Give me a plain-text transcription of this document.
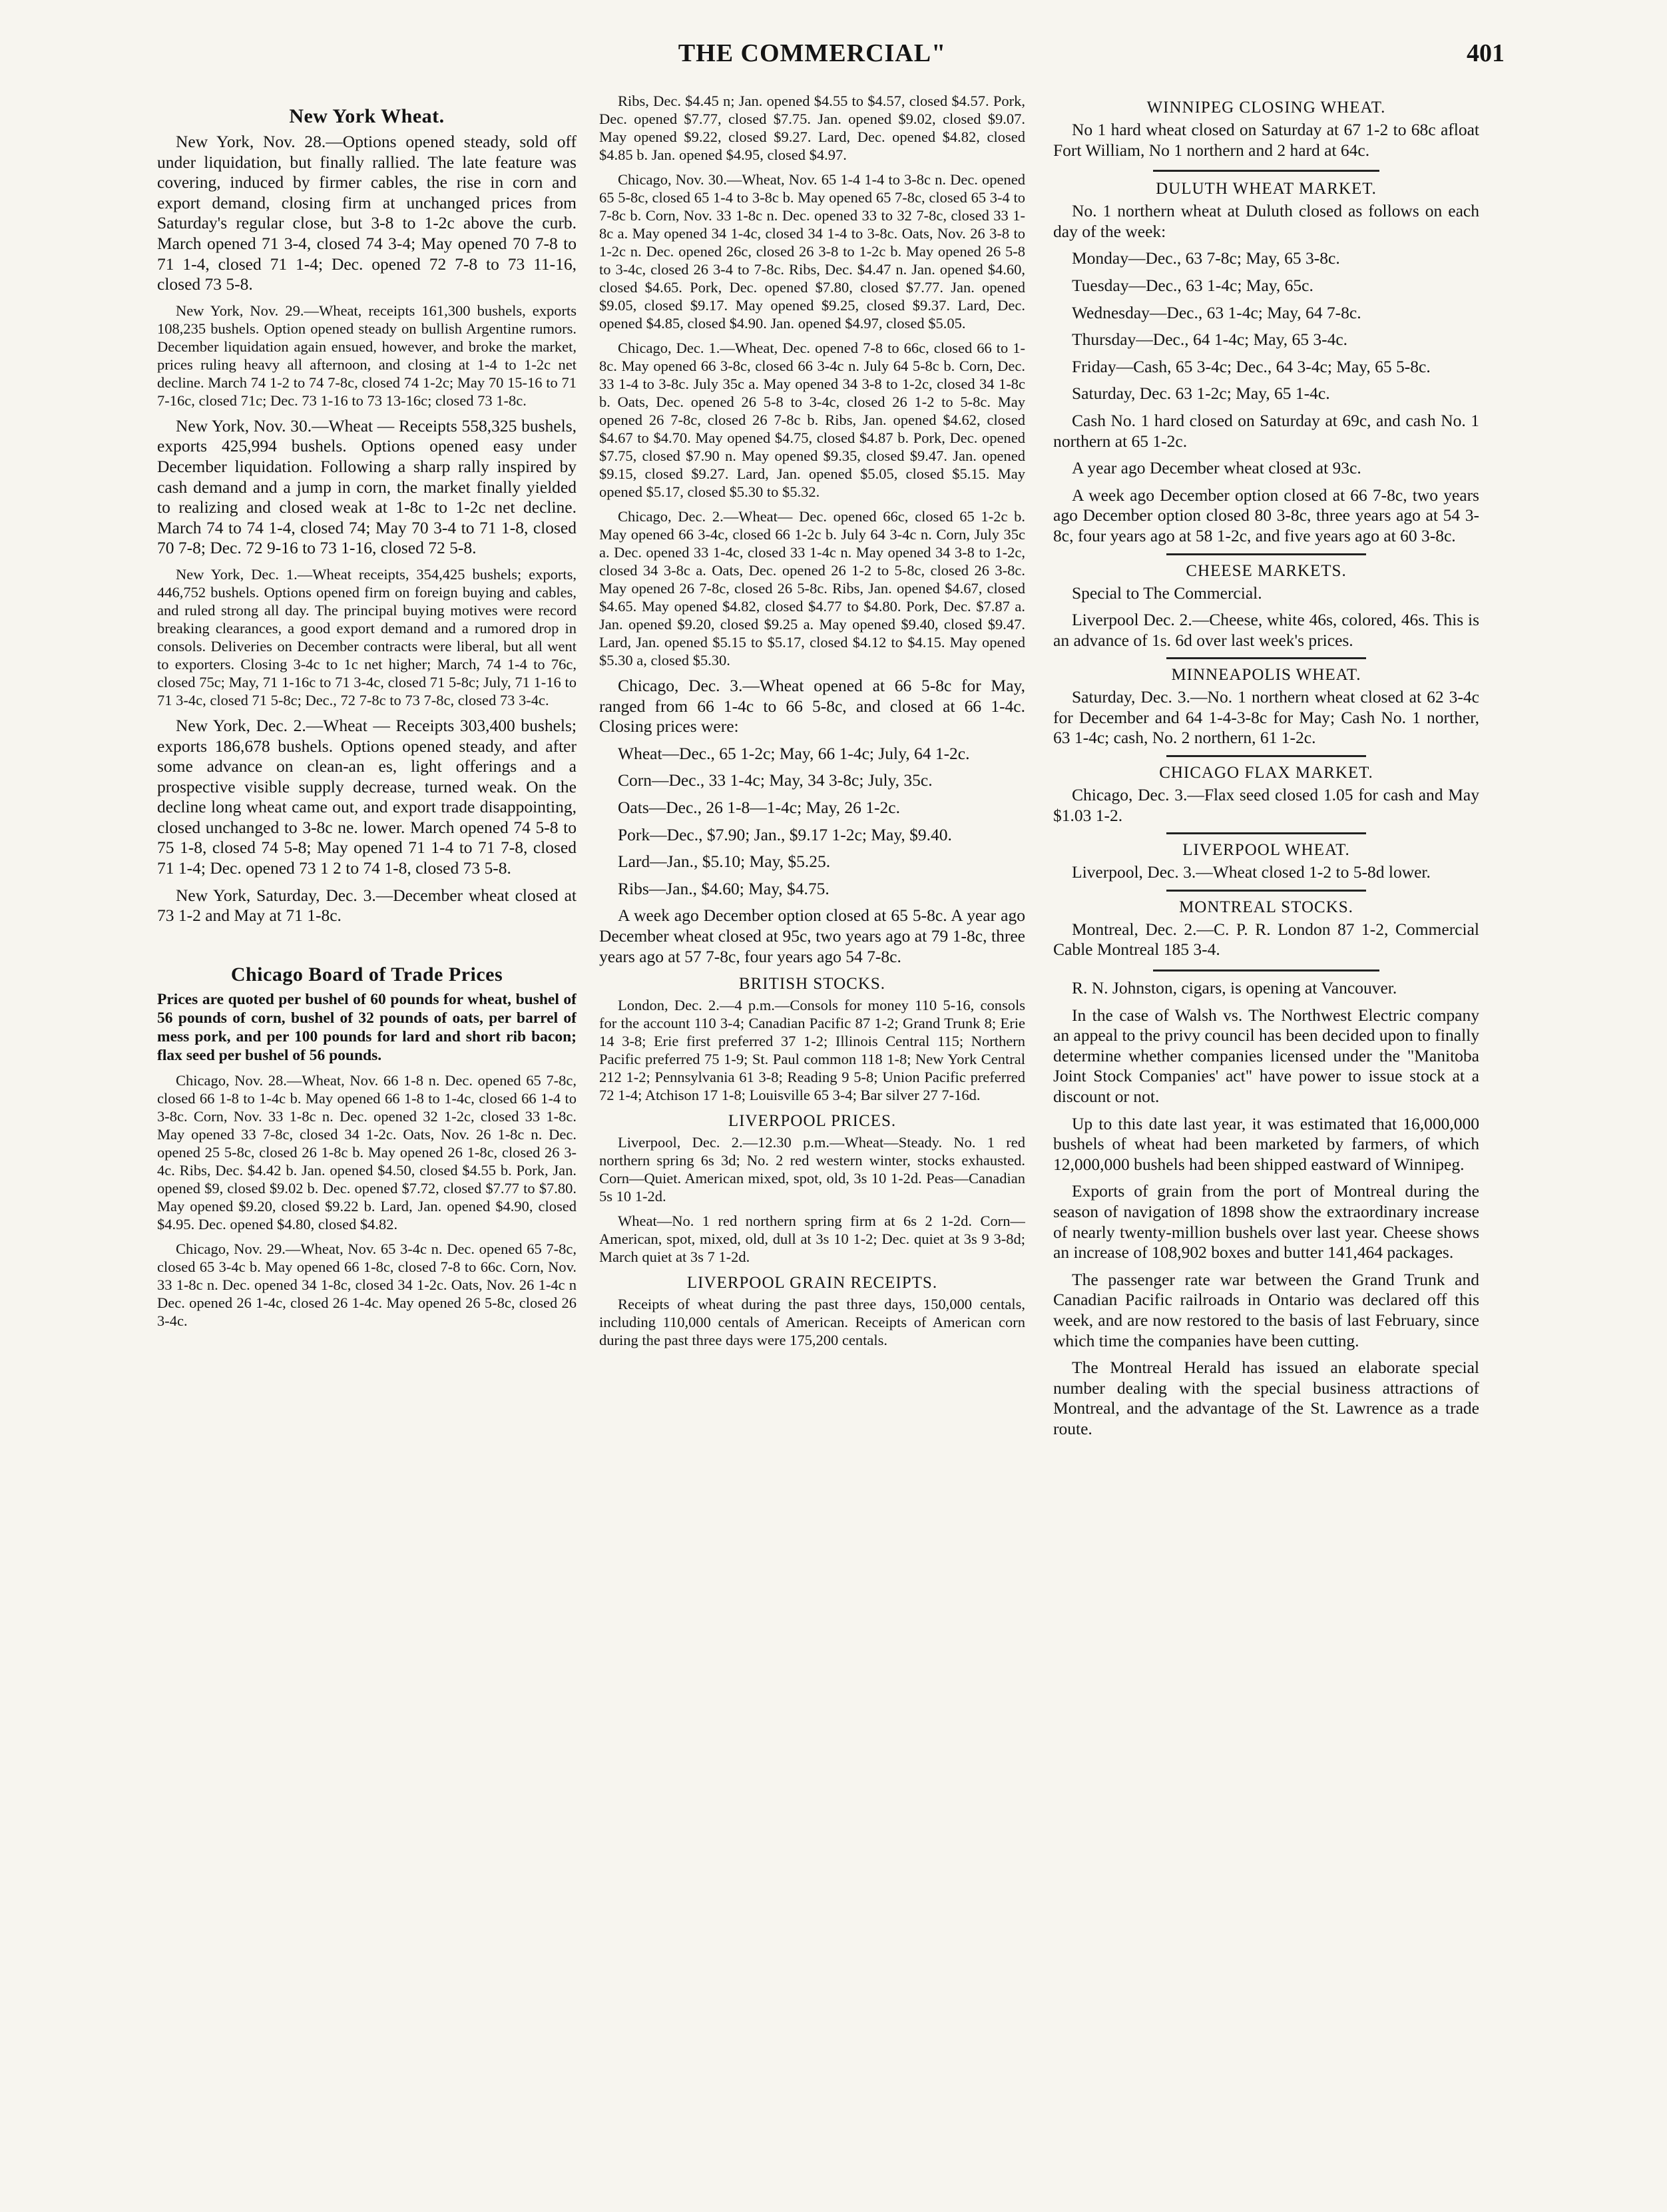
THE COMMERCIAL"	401
New York Wheat.

New York, Nov. 28.—Options opened steady, sold off under liquidation, but finally rallied. The late feature was covering, induced by firmer cables, the rise in corn and export demand, closing firm at unchanged prices from Saturday's regular close, but 3-8 to 1-2c above the curb. March opened 71 3-4, closed 74 3-4; May opened 70 7-8 to 71 1-4, closed 71 1-4; Dec. opened 72 7-8 to 73 11-16, closed 73 5-8.

New York, Nov. 29.—Wheat, receipts 161,300 bushels, exports 108,235 bushels. Option opened steady on bullish Argentine rumors. December liquidation again ensued, however, and broke the market, prices ruling heavy all afternoon, and closing at 1-4 to 1-2c net decline. March 74 1-2 to 74 7-8c, closed 74 1-2c; May 70 15-16 to 71 7-16c, closed 71c; Dec. 73 1-16 to 73 13-16c; closed 73 1-8c.

New York, Nov. 30.—Wheat — Receipts 558,325 bushels, exports 425,994 bushels. Options opened easy under December liquidation. Following a sharp rally inspired by cash demand and a jump in corn, the market finally yielded to realizing and closed weak at 1-8c to 1-2c net decline. March 74 to 74 1-4, closed 74; May 70 3-4 to 71 1-8, closed 70 7-8; Dec. 72 9-16 to 73 1-16, closed 72 5-8.

New York, Dec. 1.—Wheat receipts, 354,425 bushels; exports, 446,752 bushels. Options opened firm on foreign buying and cables, and ruled strong all day. The principal buying motives were record breaking clearances, a good export demand and a rumored drop in consols. Deliveries on December contracts were liberal, but all went to exporters. Closing 3-4c to 1c net higher; March, 74 1-4 to 76c, closed 75c; May, 71 1-16c to 71 3-4c, closed 71 5-8c; July, 71 1-16 to 71 3-4c, closed 71 5-8c; Dec., 72 7-8c to 73 7-8c, closed 73 3-4c.

New York, Dec. 2.—Wheat — Receipts 303,400 bushels; exports 186,678 bushels. Options opened steady, and after some advance on clean-an es, light offerings and a prospective visible supply decrease, turned weak. On the decline long wheat came out, and export trade disappointing, closed unchanged to 3-8c ne. lower. March opened 74 5-8 to 75 1-8, closed 74 5-8; May opened 71 1-4 to 71 7-8, closed 71 1-4; Dec. opened 73 1 2 to 74 1-8, closed 73 5-8.

New York, Saturday, Dec. 3.—December wheat closed at 73 1-2 and May at 71 1-8c.

Chicago Board of Trade Prices

Prices are quoted per bushel of 60 pounds for wheat, bushel of 56 pounds of corn, bushel of 32 pounds of oats, per barrel of mess pork, and per 100 pounds for lard and short rib bacon; flax seed per bushel of 56 pounds.

Chicago, Nov. 28.—Wheat, Nov. 66 1-8 n. Dec. opened 65 7-8c, closed 66 1-8 to 1-4c b. May opened 66 1-8 to 1-4c, closed 66 1-4 to 3-8c. Corn, Nov. 33 1-8c n. Dec. opened 32 1-2c, closed 33 1-8c. May opened 33 7-8c, closed 34 1-2c. Oats, Nov. 26 1-8c n. Dec. opened 25 5-8c, closed 26 1-8c b. May opened 26 1-8c, closed 26 3-4c. Ribs, Dec. $4.42 b. Jan. opened $4.50, closed $4.55 b. Pork, Jan. opened $9, closed $9.02 b. Dec. opened $7.72, closed $7.77 to $7.80. May opened $9.20, closed $9.22 b. Lard, Jan. opened $4.90, closed $4.95. Dec. opened $4.80, closed $4.82.

Chicago, Nov. 29.—Wheat, Nov. 65 3-4c n. Dec. opened 65 7-8c, closed 65 3-4c b. May opened 66 1-8c, closed 7-8 to 66c. Corn, Nov. 33 1-8c n. Dec. opened 34 1-8c, closed 34 1-2c. Oats, Nov. 26 1-4c n Dec. opened 26 1-4c, closed 26 1-4c. May opened 26 5-8c, closed 26 3-4c.

Ribs, Dec. $4.45 n; Jan. opened $4.55 to $4.57, closed $4.57. Pork, Dec. opened $7.77, closed $7.75. Jan. opened $9.02, closed $9.07. May opened $9.22, closed $9.27. Lard, Dec. opened $4.82, closed $4.85 b. Jan. opened $4.95, closed $4.97.

Chicago, Nov. 30.—Wheat, Nov. 65 1-4 1-4 to 3-8c n. Dec. opened 65 5-8c, closed 65 1-4 to 3-8c b. May opened 65 7-8c, closed 65 3-4 to 7-8c b. Corn, Nov. 33 1-8c n. Dec. opened 33 to 32 7-8c, closed 33 1-8c a. May opened 34 1-4c, closed 34 1-4 to 3-8c. Oats, Nov. 26 3-8 to 1-2c n. Dec. opened 26c, closed 26 3-8 to 1-2c b. May opened 26 5-8 to 3-4c, closed 26 3-4 to 7-8c. Ribs, Dec. $4.47 n. Jan. opened $4.60, closed $4.65. Pork, Dec. opened $7.80, closed $7.77. Jan. opened $9.05, closed $9.17. May opened $9.25, closed $9.37. Lard, Dec. opened $4.85, closed $4.90. Jan. opened $4.97, closed $5.05.

Chicago, Dec. 1.—Wheat, Dec. opened 7-8 to 66c, closed 66 to 1-8c. May opened 66 3-8c, closed 66 3-4c n. July 64 5-8c b. Corn, Dec. 33 1-4 to 3-8c. July 35c a. May opened 34 3-8 to 1-2c, closed 34 1-8c b. Oats, Dec. opened 26 5-8 to 3-4c, closed 26 1-2 to 5-8c. May opened 26 7-8c, closed 26 7-8c b. Ribs, Jan. opened $4.62, closed $4.67 to $4.70. May opened $4.75, closed $4.87 b. Pork, Dec. opened $7.75, closed $7.90 n. May opened $9.35, closed $9.47. Jan. opened $9.15, closed $9.27. Lard, Jan. opened $5.05, closed $5.15. May opened $5.17, closed $5.30 to $5.32.

Chicago, Dec. 2.—Wheat— Dec. opened 66c, closed 65 1-2c b. May opened 66 3-4c, closed 66 1-2c b. July 64 3-4c n. Corn, July 35c a. Dec. opened 33 1-4c, closed 33 1-4c n. May opened 34 3-8 to 1-2c, closed 34 3-8c a. Oats, Dec. opened 26 1-2 to 5-8c, closed 26 3-8c. May opened 26 7-8c, closed 26 5-8c. Ribs, Jan. opened $4.67, closed $4.65. May opened $4.82, closed $4.77 to $4.80. Pork, Dec. $7.87 a. Jan. opened $9.20, closed $9.25 a. May opened $9.40, closed $9.47. Lard, Jan. opened $5.15 to $5.17, closed $4.12 to $4.15. May opened $5.30 a, closed $5.30.

Chicago, Dec. 3.—Wheat opened at 66 5-8c for May, ranged from 66 1-4c to 66 5-8c, and closed at 66 1-4c. Closing prices were:

Wheat—Dec., 65 1-2c; May, 66 1-4c; July, 64 1-2c.

Corn—Dec., 33 1-4c; May, 34 3-8c; July, 35c.

Oats—Dec., 26 1-8—1-4c; May, 26 1-2c.

Pork—Dec., $7.90; Jan., $9.17 1-2c; May, $9.40.

Lard—Jan., $5.10; May, $5.25.

Ribs—Jan., $4.60; May, $4.75.

A week ago December option closed at 65 5-8c. A year ago December wheat closed at 95c, two years ago at 79 1-8c, three years ago at 57 7-8c, four years ago 54 7-8c.

BRITISH STOCKS.

London, Dec. 2.—4 p.m.—Consols for money 110 5-16, consols for the account 110 3-4; Canadian Pacific 87 1-2; Grand Trunk 8; Erie 14 3-8; Erie first preferred 37 1-2; Illinois Central 115; Northern Pacific preferred 75 1-9; St. Paul common 118 1-8; New York Central 212 1-2; Pennsylvania 61 3-8; Reading 9 5-8; Union Pacific preferred 72 1-4; Atchison 17 1-8; Louisville 65 3-4; Bar silver 27 7-16d.

LIVERPOOL PRICES.

Liverpool, Dec. 2.—12.30 p.m.—Wheat—Steady. No. 1 red northern spring 6s 3d; No. 2 red western winter, stocks exhausted. Corn—Quiet. American mixed, spot, old, 3s 10 1-2d. Peas—Canadian 5s 10 1-2d.

Wheat—No. 1 red northern spring firm at 6s 2 1-2d. Corn—American, spot, mixed, old, dull at 3s 10 1-2; Dec. quiet at 3s 9 3-8d; March quiet at 3s 7 1-2d.

LIVERPOOL GRAIN RECEIPTS.

Receipts of wheat during the past three days, 150,000 centals, including 110,000 centals of American. Receipts of American corn during the past three days were 175,200 centals.

WINNIPEG CLOSING WHEAT.

No 1 hard wheat closed on Saturday at 67 1-2 to 68c afloat Fort William, No 1 northern and 2 hard at 64c.

DULUTH WHEAT MARKET.

No. 1 northern wheat at Duluth closed as follows on each day of the week:

Monday—Dec., 63 7-8c; May, 65 3-8c.

Tuesday—Dec., 63 1-4c; May, 65c.

Wednesday—Dec., 63 1-4c; May, 64 7-8c.

Thursday—Dec., 64 1-4c; May, 65 3-4c.

Friday—Cash, 65 3-4c; Dec., 64 3-4c; May, 65 5-8c.

Saturday, Dec. 63 1-2c; May, 65 1-4c.

Cash No. 1 hard closed on Saturday at 69c, and cash No. 1 northern at 65 1-2c.

A year ago December wheat closed at 93c.

A week ago December option closed at 66 7-8c, two years ago December option closed 80 3-8c, three years ago at 54 3-8c, four years ago at 58 1-2c, and five years ago at 60 3-8c.

CHEESE MARKETS.

Special to The Commercial.

Liverpool Dec. 2.—Cheese, white 46s, colored, 46s. This is an advance of 1s. 6d over last week's prices.

MINNEAPOLIS WHEAT.

Saturday, Dec. 3.—No. 1 northern wheat closed at 62 3-4c for December and 64 1-4-3-8c for May; Cash No. 1 norther, 63 1-4c; cash, No. 2 northern, 61 1-2c.

CHICAGO FLAX MARKET.

Chicago, Dec. 3.—Flax seed closed 1.05 for cash and May $1.03 1-2.

LIVERPOOL WHEAT.

Liverpool, Dec. 3.—Wheat closed 1-2 to 5-8d lower.

MONTREAL STOCKS.

Montreal, Dec. 2.—C. P. R. London 87 1-2, Commercial Cable Montreal 185 3-4.

R. N. Johnston, cigars, is opening at Vancouver.

In the case of Walsh vs. The Northwest Electric company an appeal to the privy council has been decided upon to finally determine whether companies licensed under the "Manitoba Joint Stock Companies' act" have power to issue stock at a discount or not.

Up to this date last year, it was estimated that 16,000,000 bushels of wheat had been marketed by farmers, of which 12,000,000 bushels had been shipped eastward of Winnipeg.

Exports of grain from the port of Montreal during the season of navigation of 1898 show the extraordinary increase of nearly twenty-million bushels over last year. Cheese shows an increase of 108,902 boxes and butter 141,464 packages.

The passenger rate war between the Grand Trunk and Canadian Pacific railroads in Ontario was declared off this week, and are now restored to the basis of last February, since which time the companies have been cutting.

The Montreal Herald has issued an elaborate special number dealing with the special business attractions of Montreal, and the advantage of the St. Lawrence as a trade route.
